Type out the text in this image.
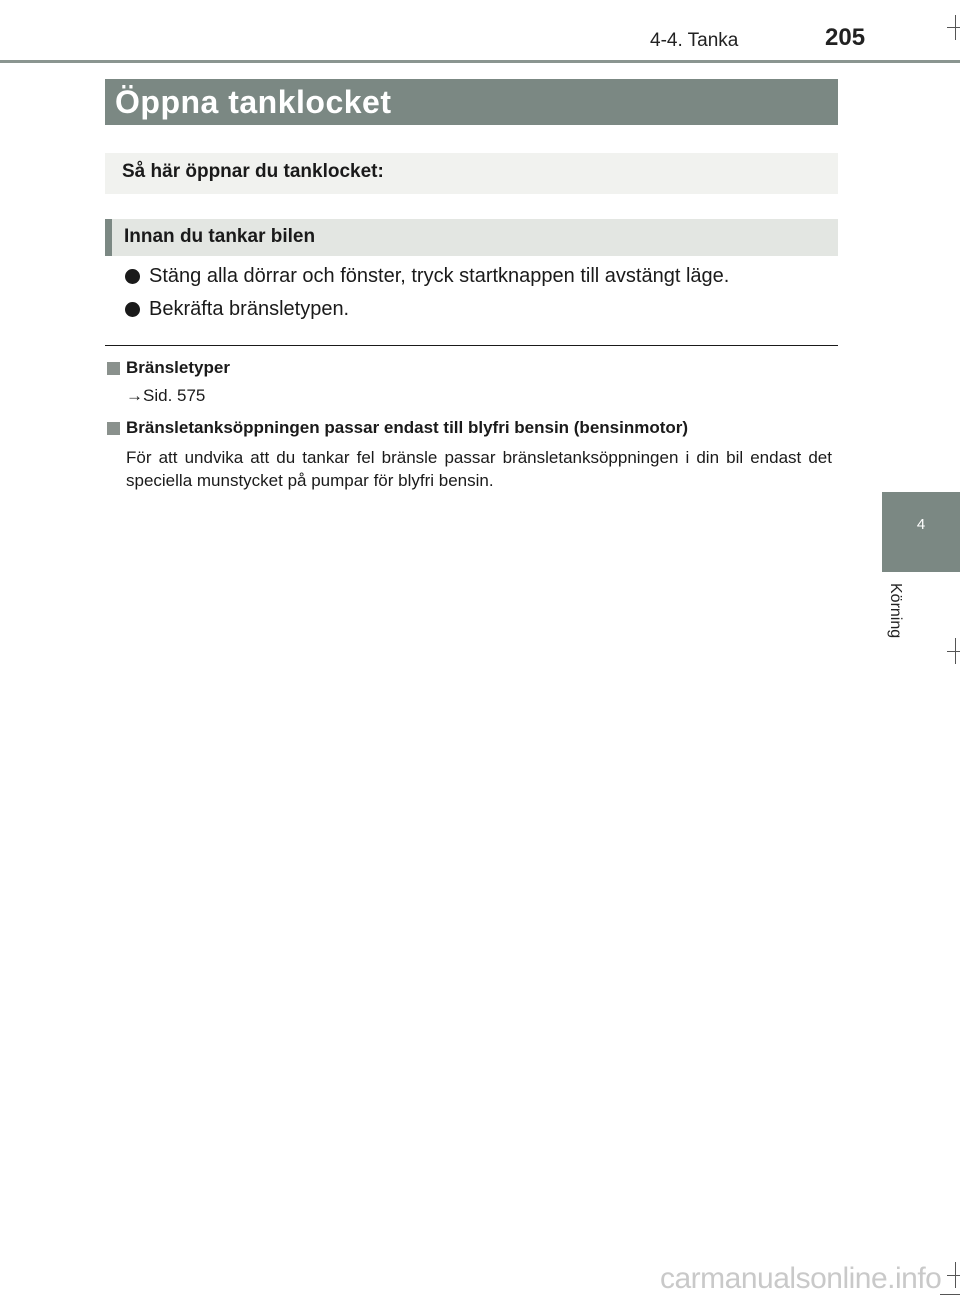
4-4. Tanka	205
Öppna tanklocket
Så här öppnar du tanklocket:
Innan du tankar bilen
Stäng alla dörrar och fönster, tryck startknappen till avstängt läge.
Bekräfta bränsletypen.
Bränsletyper
→Sid. 575
Bränsletanksöppningen passar endast till blyfri bensin (bensinmotor)
För att undvika att du tankar fel bränsle passar bränsletanksöppningen i din bil endast det speciella munstycket på pumpar för blyfri bensin.
4
Körning
carmanualsonline.info
